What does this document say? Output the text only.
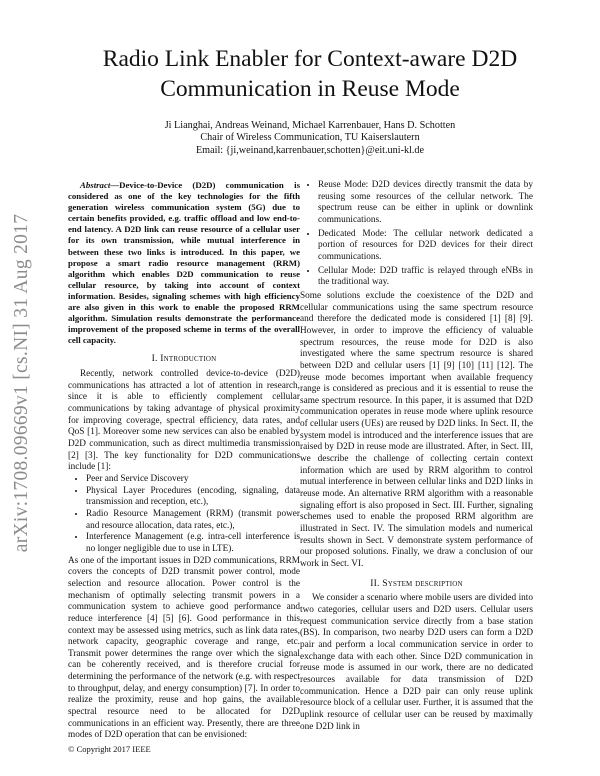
arXiv:1708.09669v1 [cs.NI] 31 Aug 2017
Radio Link Enabler for Context-aware D2D
Communication in Reuse Mode
Ji Lianghai, Andreas Weinand, Michael Karrenbauer, Hans D. Schotten
Chair of Wireless Communication, TU Kaiserslautern
Email: {ji,weinand,karrenbauer,schotten}@eit.uni-kl.de

Abstract—Device-to-Device (D2D) communication is considered as one of the key technologies for the fifth generation wireless communication system (5G) due to certain benefits provided, e.g. traffic offload and low end-to-end latency. A D2D link can reuse resource of a cellular user for its own transmission, while mutual interference in between these two links is introduced. In this paper, we propose a smart radio resource management (RRM) algorithm which enables D2D communication to reuse cellular resource, by taking into account of context information. Besides, signaling schemes with high efficiency are also given in this work to enable the proposed RRM algorithm. Simulation results demonstrate the performance improvement of the proposed scheme in terms of the overall cell capacity.

I. Introduction

Recently, network controlled device-to-device (D2D) communications has attracted a lot of attention in research, since it is able to efficiently complement cellular communications by taking advantage of physical proximity for improving coverage, spectral efficiency, data rates, and QoS [1]. Moreover some new services can also be enabled by D2D communication, such as direct multimedia transmission [2] [3]. The key functionality for D2D communications include [1]:

• Peer and Service Discovery
• Physical Layer Procedures (encoding, signaling, data transmission and reception, etc.),
• Radio Resource Management (RRM) (transmit power and resource allocation, data rates, etc.),
• Interference Management (e.g. intra-cell interference is no longer negligible due to use in LTE).

As one of the important issues in D2D communications, RRM covers the concepts of D2D transmit power control, mode selection and resource allocation. Power control is the mechanism of optimally selecting transmit powers in a communication system to achieve good performance and reduce interference [4] [5] [6]. Good performance in this context may be assessed using metrics, such as link data rates, network capacity, geographic coverage and range, etc. Transmit power determines the range over which the signal can be coherently received, and is therefore crucial for determining the performance of the network (e.g. with respect to throughput, delay, and energy consumption) [7]. In order to realize the proximity, reuse and hop gains, the available spectral resource need to be allocated for D2D communications in an efficient way. Presently, there are three modes of D2D operation that can be envisioned:

© Copyright 2017 IEEE
• Reuse Mode: D2D devices directly transmit the data by reusing some resources of the cellular network. The spectrum reuse can be either in uplink or downlink communications.
• Dedicated Mode: The cellular network dedicated a portion of resources for D2D devices for their direct communications.
• Cellular Mode: D2D traffic is relayed through eNBs in the traditional way.

Some solutions exclude the coexistence of the D2D and cellular communications using the same spectrum resource and therefore the dedicated mode is considered [1] [8] [9]. However, in order to improve the efficiency of valuable spectrum resources, the reuse mode for D2D is also investigated where the same spectrum resource is shared between D2D and cellular users [1] [9] [10] [11] [12]. The reuse mode becomes important when available frequency range is considered as precious and it is essential to reuse the same spectrum resource. In this paper, it is assumed that D2D communication operates in reuse mode where uplink resource of cellular users (UEs) are reused by D2D links. In Sect. II, the system model is introduced and the interference issues that are raised by D2D in reuse mode are illustrated. After, in Sect. III, we describe the challenge of collecting certain context information which are used by RRM algorithm to control mutual interference in between cellular links and D2D links in reuse mode. An alternative RRM algorithm with a reasonable signaling effort is also proposed in Sect. III. Further, signaling schemes used to enable the proposed RRM algorithm are illustrated in Sect. IV. The simulation models and numerical results shown in Sect. V demonstrate system performance of our proposed solutions. Finally, we draw a conclusion of our work in Sect. VI.

II. System description

We consider a scenario where mobile users are divided into two categories, cellular users and D2D users. Cellular users request communication service directly from a base station (BS). In comparison, two nearby D2D users can form a D2D pair and perform a local communication service in order to exchange data with each other. Since D2D communication in reuse mode is assumed in our work, there are no dedicated resources available for data transmission of D2D communication. Hence a D2D pair can only reuse uplink resource block of a cellular user. Further, it is assumed that the uplink resource of cellular user can be reused by maximally one D2D link in
